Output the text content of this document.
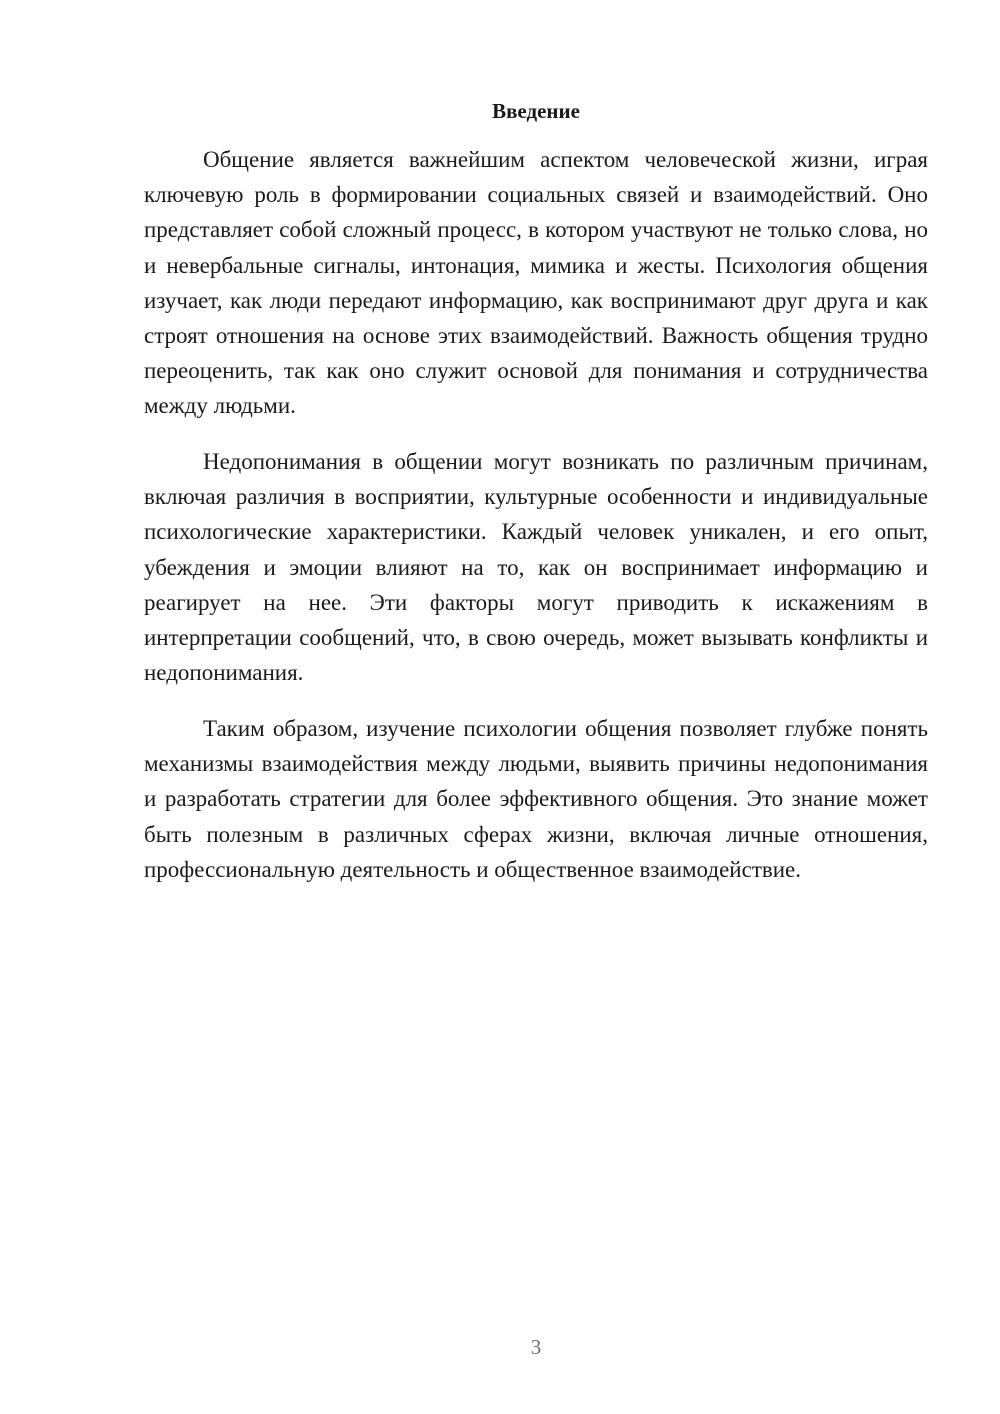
Введение

Общение является важнейшим аспектом человеческой жизни, играя ключевую роль в формировании социальных связей и взаимодействий. Оно представляет собой сложный процесс, в котором участвуют не только слова, но и невербальные сигналы, интонация, мимика и жесты. Психология общения изучает, как люди передают информацию, как воспринимают друг друга и как строят отношения на основе этих взаимодействий. Важность общения трудно переоценить, так как оно служит основой для понимания и сотрудничества между людьми.

Недопонимания в общении могут возникать по различным причинам, включая различия в восприятии, культурные особенности и индивидуальные психологические характеристики. Каждый человек уникален, и его опыт, убеждения и эмоции влияют на то, как он воспринимает информацию и реагирует на нее. Эти факторы могут приводить к искажениям в интерпретации сообщений, что, в свою очередь, может вызывать конфликты и недопонимания.

Таким образом, изучение психологии общения позволяет глубже понять механизмы взаимодействия между людьми, выявить причины недопонимания и разработать стратегии для более эффективного общения. Это знание может быть полезным в различных сферах жизни, включая личные отношения, профессиональную деятельность и общественное взаимодействие.

3
